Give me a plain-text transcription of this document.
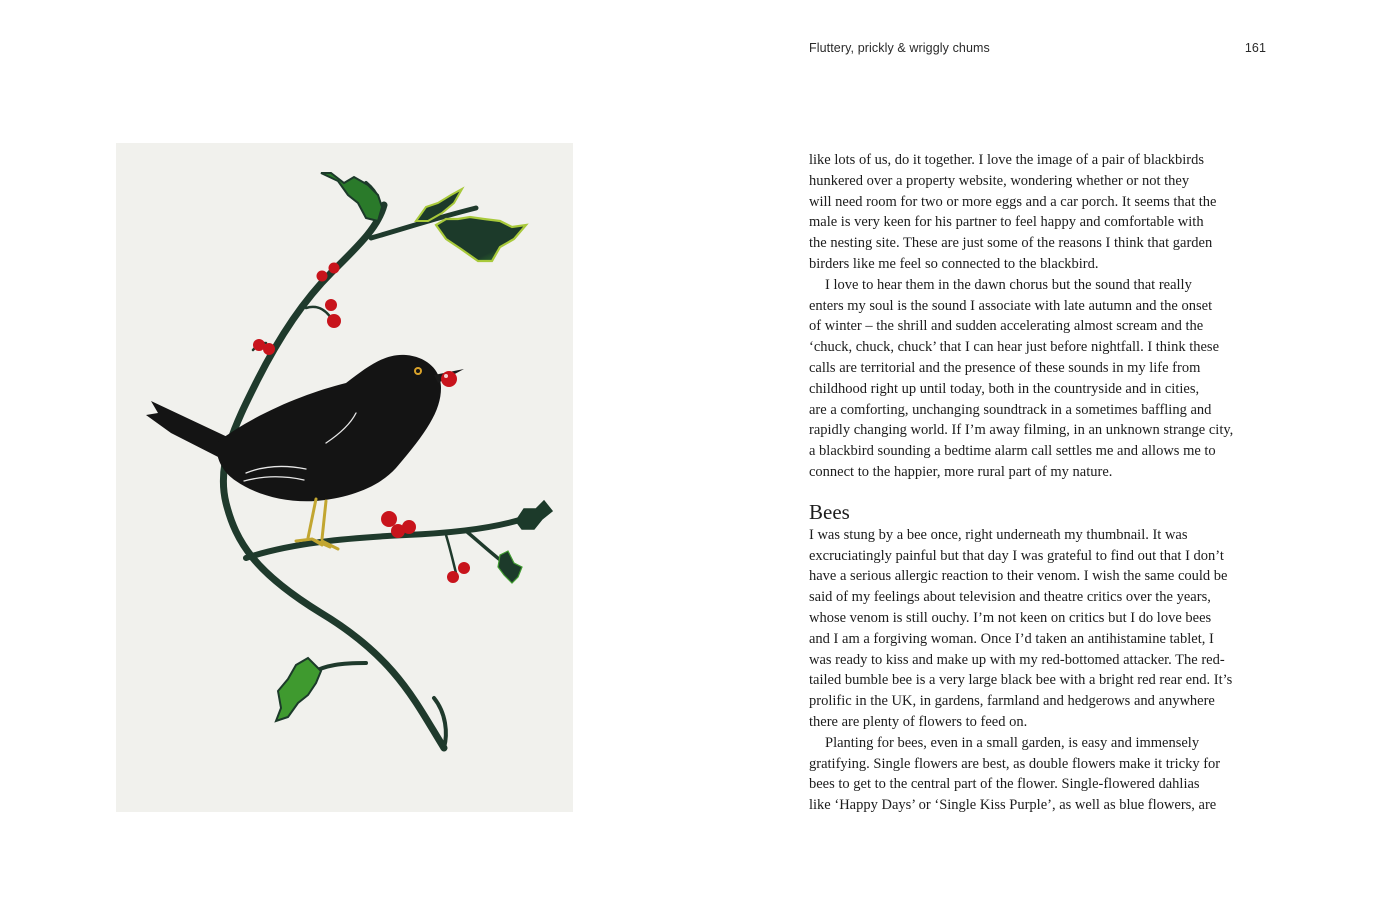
Fluttery, prickly & wriggly chums	161

like lots of us, do it together. I love the image of a pair of blackbirds
hunkered over a property website, wondering whether or not they
will need room for two or more eggs and a car porch. It seems that the
male is very keen for his partner to feel happy and comfortable with
the nesting site. These are just some of the reasons I think that garden
birders like me feel so connected to the blackbird.

I love to hear them in the dawn chorus but the sound that really
enters my soul is the sound I associate with late autumn and the onset
of winter – the shrill and sudden accelerating almost scream and the
‘chuck, chuck, chuck’ that I can hear just before nightfall. I think these
calls are territorial and the presence of these sounds in my life from
childhood right up until today, both in the countryside and in cities,
are a comforting, unchanging soundtrack in a sometimes baffling and
rapidly changing world. If I’m away filming, in an unknown strange city,
a blackbird sounding a bedtime alarm call settles me and allows me to
connect to the happier, more rural part of my nature.

Bees

I was stung by a bee once, right underneath my thumbnail. It was
excruciatingly painful but that day I was grateful to find out that I don’t
have a serious allergic reaction to their venom. I wish the same could be
said of my feelings about television and theatre critics over the years,
whose venom is still ouchy. I’m not keen on critics but I do love bees
and I am a forgiving woman. Once I’d taken an antihistamine tablet, I
was ready to kiss and make up with my red-bottomed attacker. The red-
tailed bumble bee is a very large black bee with a bright red rear end. It’s
prolific in the UK, in gardens, farmland and hedgerows and anywhere
there are plenty of flowers to feed on.

Planting for bees, even in a small garden, is easy and immensely
gratifying. Single flowers are best, as double flowers make it tricky for
bees to get to the central part of the flower. Single-flowered dahlias
like ‘Happy Days’ or ‘Single Kiss Purple’, as well as blue flowers, are
